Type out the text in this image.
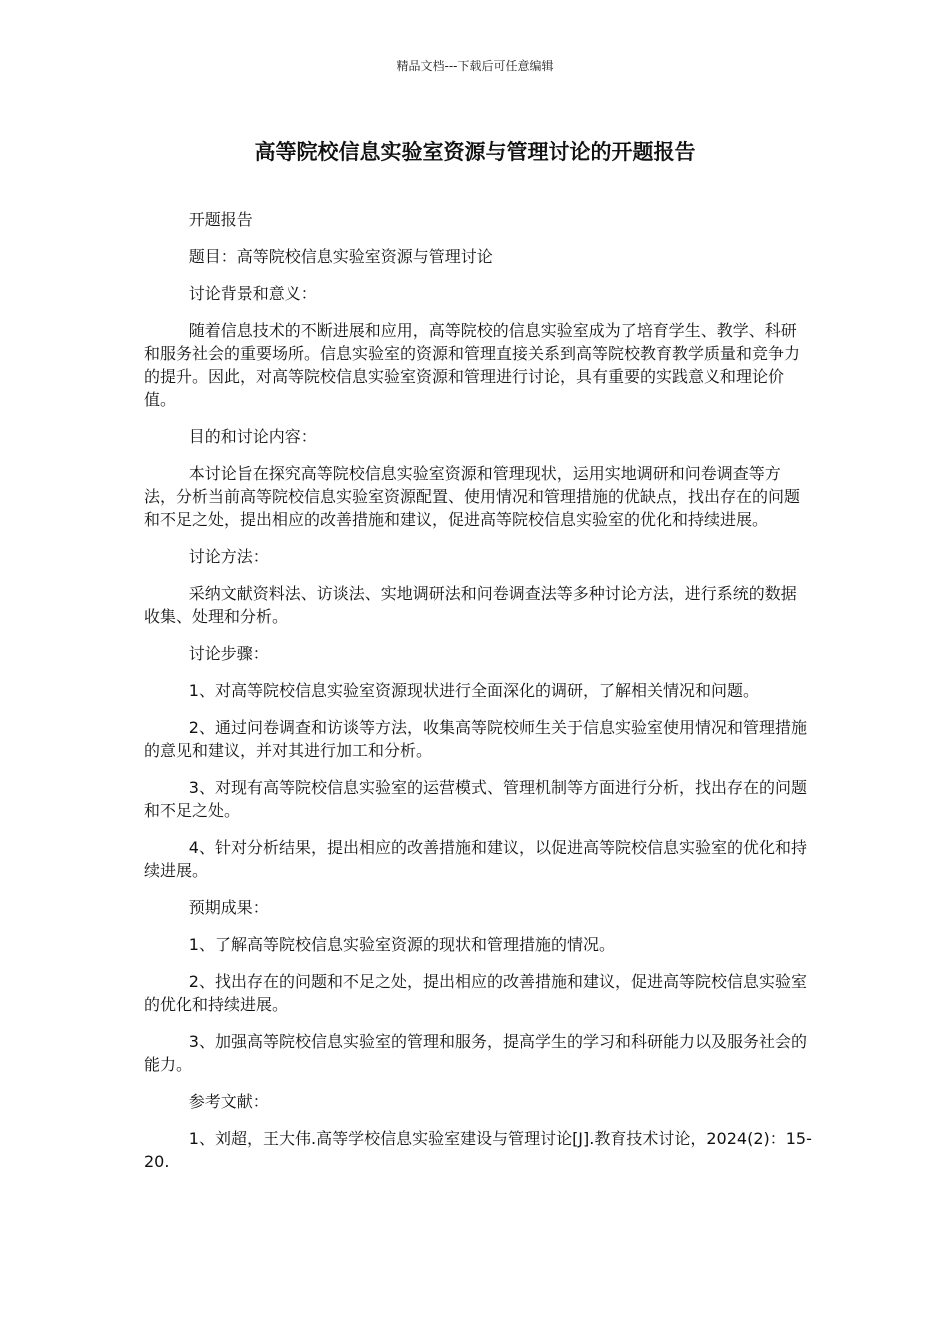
精品文档---下载后可任意编辑
高等院校信息实验室资源与管理讨论的开题报告

开题报告

题目：高等院校信息实验室资源与管理讨论

讨论背景和意义：

随着信息技术的不断进展和应用，高等院校的信息实验室成为了培育学生、教学、科研和服务社会的重要场所。信息实验室的资源和管理直接关系到高等院校教育教学质量和竞争力的提升。因此，对高等院校信息实验室资源和管理进行讨论，具有重要的实践意义和理论价值。

目的和讨论内容：

本讨论旨在探究高等院校信息实验室资源和管理现状，运用实地调研和问卷调查等方法，分析当前高等院校信息实验室资源配置、使用情况和管理措施的优缺点，找出存在的问题和不足之处，提出相应的改善措施和建议，促进高等院校信息实验室的优化和持续进展。

讨论方法：

采纳文献资料法、访谈法、实地调研法和问卷调查法等多种讨论方法，进行系统的数据收集、处理和分析。

讨论步骤：

1、对高等院校信息实验室资源现状进行全面深化的调研，了解相关情况和问题。

2、通过问卷调查和访谈等方法，收集高等院校师生关于信息实验室使用情况和管理措施的意见和建议，并对其进行加工和分析。

3、对现有高等院校信息实验室的运营模式、管理机制等方面进行分析，找出存在的问题和不足之处。

4、针对分析结果，提出相应的改善措施和建议，以促进高等院校信息实验室的优化和持续进展。

预期成果：

1、了解高等院校信息实验室资源的现状和管理措施的情况。

2、找出存在的问题和不足之处，提出相应的改善措施和建议，促进高等院校信息实验室的优化和持续进展。

3、加强高等院校信息实验室的管理和服务，提高学生的学习和科研能力以及服务社会的能力。

参考文献：

1、刘超，王大伟.高等学校信息实验室建设与管理讨论[J].教育技术讨论，2024(2)：15-20.
